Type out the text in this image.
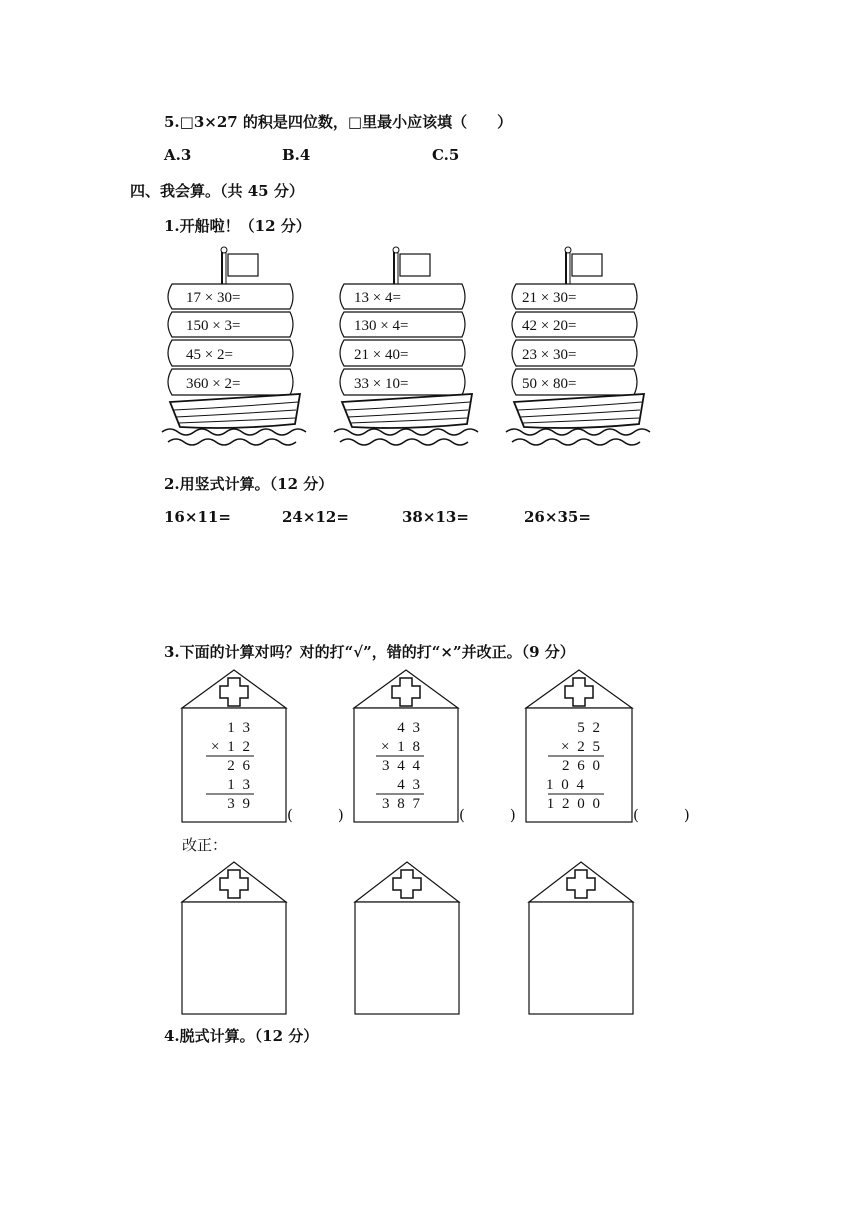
5.□3×27 的积是四位数，□里最小应该填（　　）
A.3	B.4	C.5
四、我会算。（共 45 分）
1.开船啦！（12 分）
17 × 30=
150 × 3=
45 × 2=
360 × 2=
13 × 4=
130 × 4=
21 × 40=
33 × 10=
21 × 30=
42 × 20=
23 × 30=
50 × 80=
2.用竖式计算。（12 分）
16×11=	24×12=	38×13=	26×35=
3.下面的计算对吗？对的打“√”，错的打“×”并改正。（9 分）
1 3
× 1 2
2 6
1 3
3 9
(　　　)
4 3
× 1 8
3 4 4
4 3
3 8 7
(　　　)
5 2
× 2 5
2 6 0
1 0 4
1 2 0 0
(　　　)
改正：
4.脱式计算。（12 分）
